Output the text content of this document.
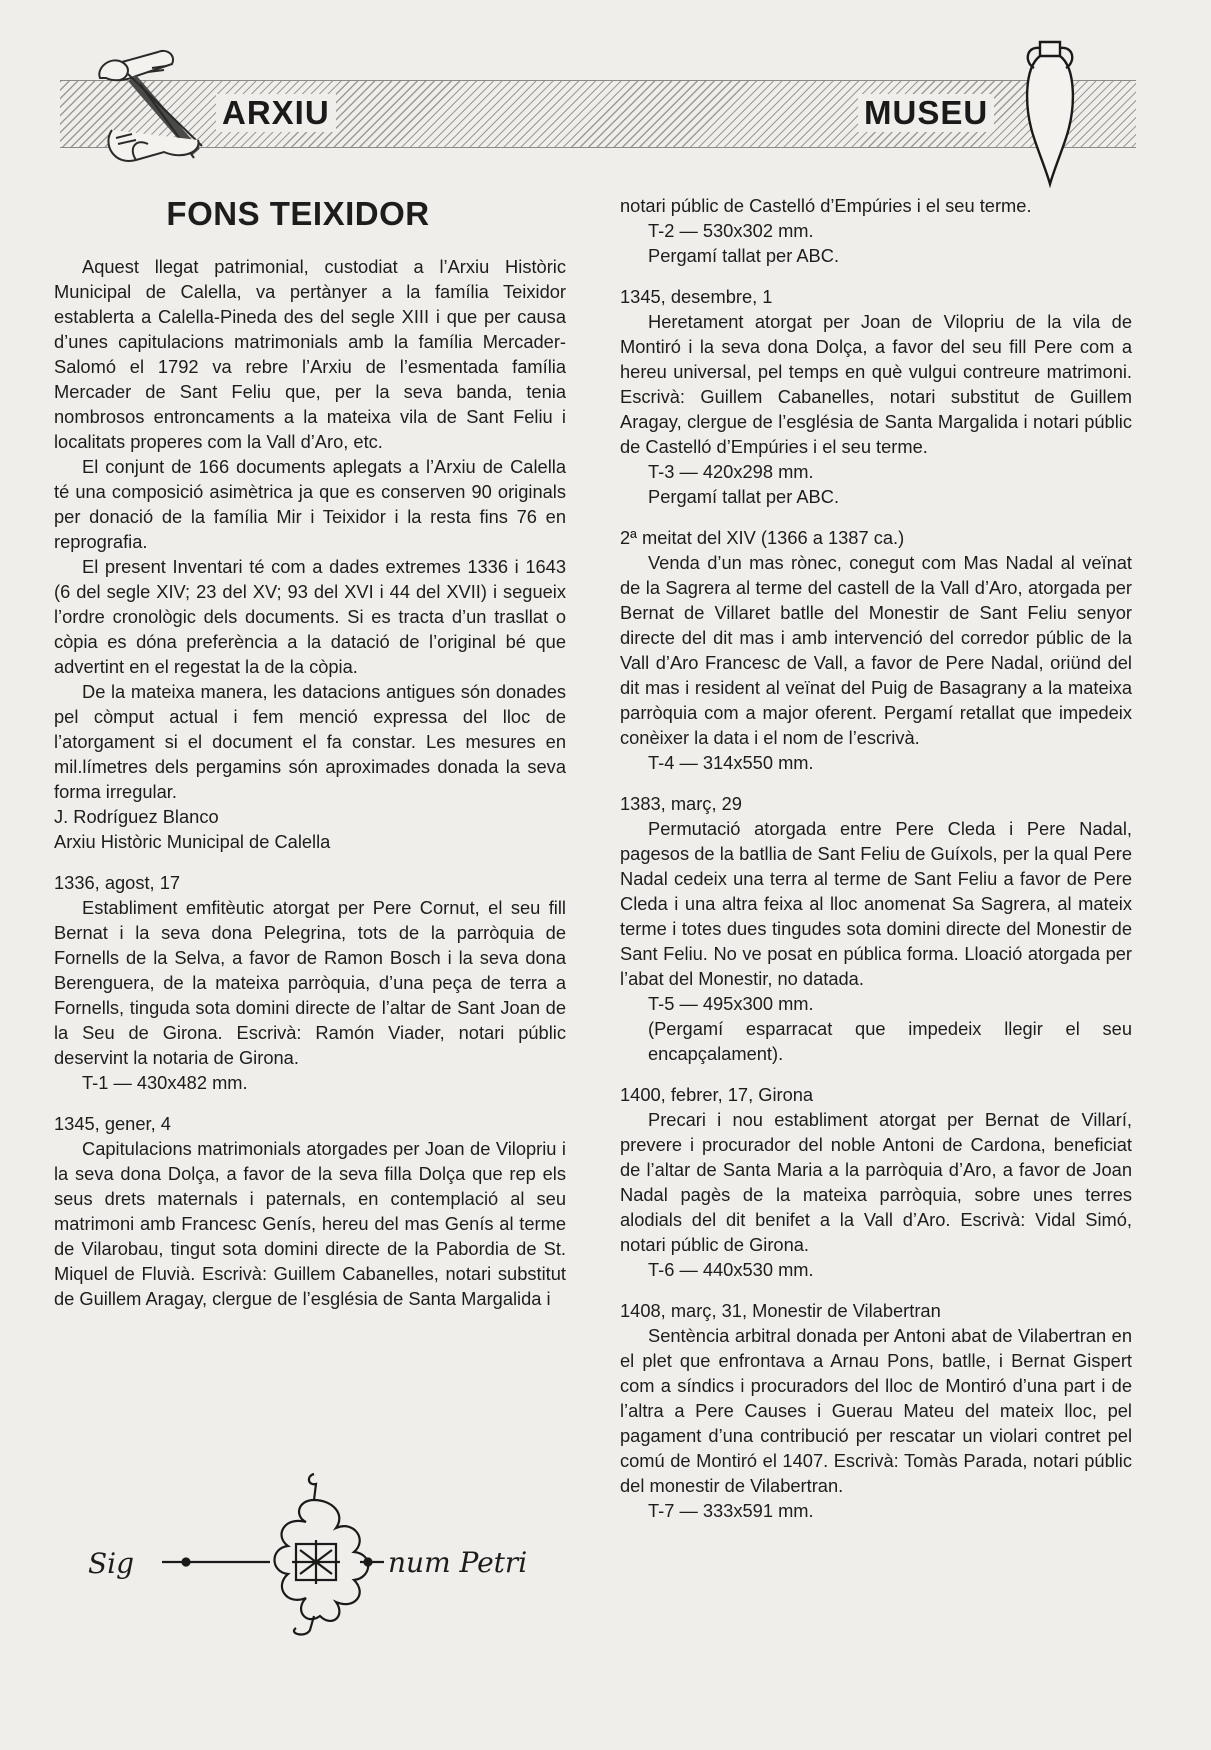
ARXIU	MUSEU
FONS TEIXIDOR

Aquest llegat patrimonial, custodiat a l’Arxiu Històric Municipal de Calella, va pertànyer a la família Teixidor establerta a Calella-Pineda des del segle XIII i que per causa d’unes capitulacions matrimonials amb la família Mercader-Salomó el 1792 va rebre l’Arxiu de l’esmentada família Mercader de Sant Feliu que, per la seva banda, tenia nombrosos entroncaments a la mateixa vila de Sant Feliu i localitats properes com la Vall d’Aro, etc.

El conjunt de 166 documents aplegats a l’Arxiu de Calella té una composició asimètrica ja que es conserven 90 originals per donació de la família Mir i Teixidor i la resta fins 76 en reprografia.

El present Inventari té com a dades extremes 1336 i 1643 (6 del segle XIV; 23 del XV; 93 del XVI i 44 del XVII) i segueix l’ordre cronològic dels documents. Si es tracta d’un trasllat o còpia es dóna preferència a la datació de l’original bé que advertint en el regestat la de la còpia.

De la mateixa manera, les datacions antigues són donades pel còmput actual i fem menció expressa del lloc de l’atorgament si el document el fa constar. Les mesures en mil.límetres dels pergamins són aproximades donada la seva forma irregular.

J. Rodríguez Blanco

Arxiu Històric Municipal de Calella

1336, agost, 17

Establiment emfitèutic atorgat per Pere Cornut, el seu fill Bernat i la seva dona Pelegrina, tots de la parròquia de Fornells de la Selva, a favor de Ramon Bosch i la seva dona Berenguera, de la mateixa parròquia, d’una peça de terra a Fornells, tinguda sota domini directe de l’altar de Sant Joan de la Seu de Girona. Escrivà: Ramón Viader, notari públic deservint la notaria de Girona.

T-1 — 430x482 mm.

1345, gener, 4

Capitulacions matrimonials atorgades per Joan de Vilopriu i la seva dona Dolça, a favor de la seva filla Dolça que rep els seus drets maternals i paternals, en contemplació al seu matrimoni amb Francesc Genís, hereu del mas Genís al terme de Vilarobau, tingut sota domini directe de la Pabordia de St. Miquel de Fluvià. Escrivà: Guillem Cabanelles, notari substitut de Guillem Aragay, clergue de l’església de Santa Margalida i

Sig	num Petri

notari públic de Castelló d’Empúries i el seu terme.

T-2 — 530x302 mm.

Pergamí tallat per ABC.

1345, desembre, 1

Heretament atorgat per Joan de Vilopriu de la vila de Montiró i la seva dona Dolça, a favor del seu fill Pere com a hereu universal, pel temps en què vulgui contreure matrimoni. Escrivà: Guillem Cabanelles, notari substitut de Guillem Aragay, clergue de l’església de Santa Margalida i notari públic de Castelló d’Empúries i el seu terme.

T-3 — 420x298 mm.

Pergamí tallat per ABC.

2ª meitat del XIV (1366 a 1387 ca.)

Venda d’un mas rònec, conegut com Mas Nadal al veïnat de la Sagrera al terme del castell de la Vall d’Aro, atorgada per Bernat de Villaret batlle del Monestir de Sant Feliu senyor directe del dit mas i amb intervenció del corredor públic de la Vall d’Aro Francesc de Vall, a favor de Pere Nadal, oriünd del dit mas i resident al veïnat del Puig de Basagrany a la mateixa parròquia com a major oferent. Pergamí retallat que impedeix conèixer la data i el nom de l’escrivà.

T-4 — 314x550 mm.

1383, març, 29

Permutació atorgada entre Pere Cleda i Pere Nadal, pagesos de la batllia de Sant Feliu de Guíxols, per la qual Pere Nadal cedeix una terra al terme de Sant Feliu a favor de Pere Cleda i una altra feixa al lloc anomenat Sa Sagrera, al mateix terme i totes dues tingudes sota domini directe del Monestir de Sant Feliu. No ve posat en pública forma. Lloació atorgada per l’abat del Monestir, no datada.

T-5 — 495x300 mm.

(Pergamí esparracat que impedeix llegir el seu encapçalament).

1400, febrer, 17, Girona

Precari i nou establiment atorgat per Bernat de Villarí, prevere i procurador del noble Antoni de Cardona, beneficiat de l’altar de Santa Maria a la parròquia d’Aro, a favor de Joan Nadal pagès de la mateixa parròquia, sobre unes terres alodials del dit benifet a la Vall d’Aro. Escrivà: Vidal Simó, notari públic de Girona.

T-6 — 440x530 mm.

1408, març, 31, Monestir de Vilabertran

Sentència arbitral donada per Antoni abat de Vilabertran en el plet que enfrontava a Arnau Pons, batlle, i Bernat Gispert com a síndics i procuradors del lloc de Montiró d’una part i de l’altra a Pere Causes i Guerau Mateu del mateix lloc, pel pagament d’una contribució per rescatar un violari contret pel comú de Montiró el 1407. Escrivà: Tomàs Parada, notari públic del monestir de Vilabertran.

T-7 — 333x591 mm.
